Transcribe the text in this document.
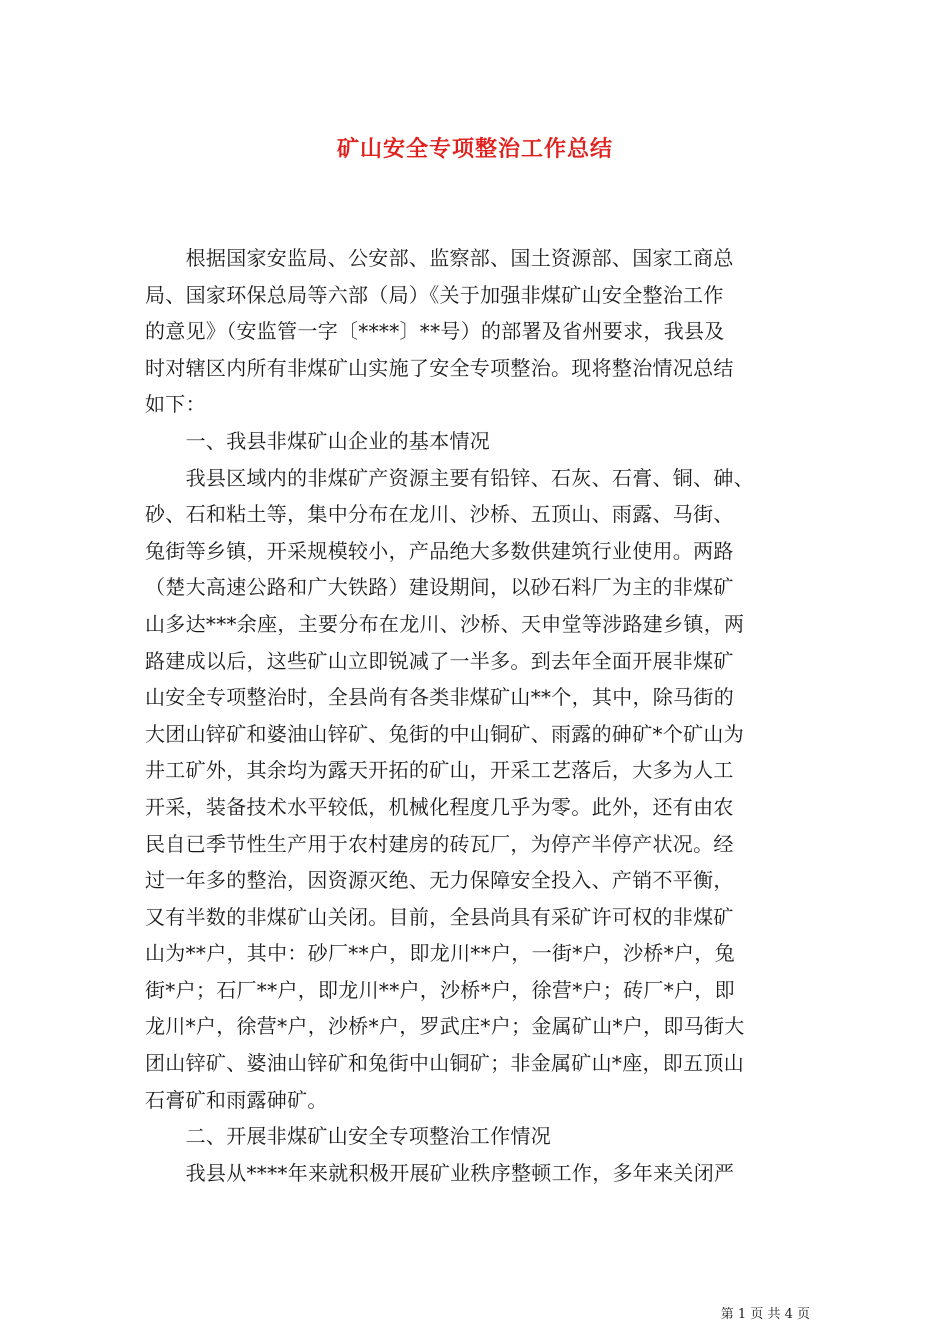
矿山安全专项整治工作总结
　　根据国家安监局、公安部、监察部、国土资源部、国家工商总
局、国家环保总局等六部（局）《关于加强非煤矿山安全整治工作
的意见》（安监管一字〔****〕**号）的部署及省州要求，我县及
时对辖区内所有非煤矿山实施了安全专项整治。现将整治情况总结
如下：
　　一、我县非煤矿山企业的基本情况
　　我县区域内的非煤矿产资源主要有铅锌、石灰、石膏、铜、砷、
砂、石和粘土等，集中分布在龙川、沙桥、五顶山、雨露、马街、
兔街等乡镇，开采规模较小，产品绝大多数供建筑行业使用。两路
（楚大高速公路和广大铁路）建设期间，以砂石料厂为主的非煤矿
山多达***余座，主要分布在龙川、沙桥、天申堂等涉路建乡镇，两
路建成以后，这些矿山立即锐减了一半多。到去年全面开展非煤矿
山安全专项整治时，全县尚有各类非煤矿山**个，其中，除马街的
大团山锌矿和婆油山锌矿、兔街的中山铜矿、雨露的砷矿*个矿山为
井工矿外，其余均为露天开拓的矿山，开采工艺落后，大多为人工
开采，装备技术水平较低，机械化程度几乎为零。此外，还有由农
民自已季节性生产用于农村建房的砖瓦厂，为停产半停产状况。经
过一年多的整治，因资源灭绝、无力保障安全投入、产销不平衡，
又有半数的非煤矿山关闭。目前，全县尚具有采矿许可权的非煤矿
山为**户，其中：砂厂**户，即龙川**户，一街*户，沙桥*户，兔
街*户；石厂**户，即龙川**户，沙桥*户，徐营*户；砖厂*户，即
龙川*户，徐营*户，沙桥*户，罗武庄*户；金属矿山*户，即马街大
团山锌矿、婆油山锌矿和兔街中山铜矿；非金属矿山*座，即五顶山
石膏矿和雨露砷矿。
　　二、开展非煤矿山安全专项整治工作情况
　　我县从****年来就积极开展矿业秩序整顿工作，多年来关闭严
第 1 页 共 4 页
